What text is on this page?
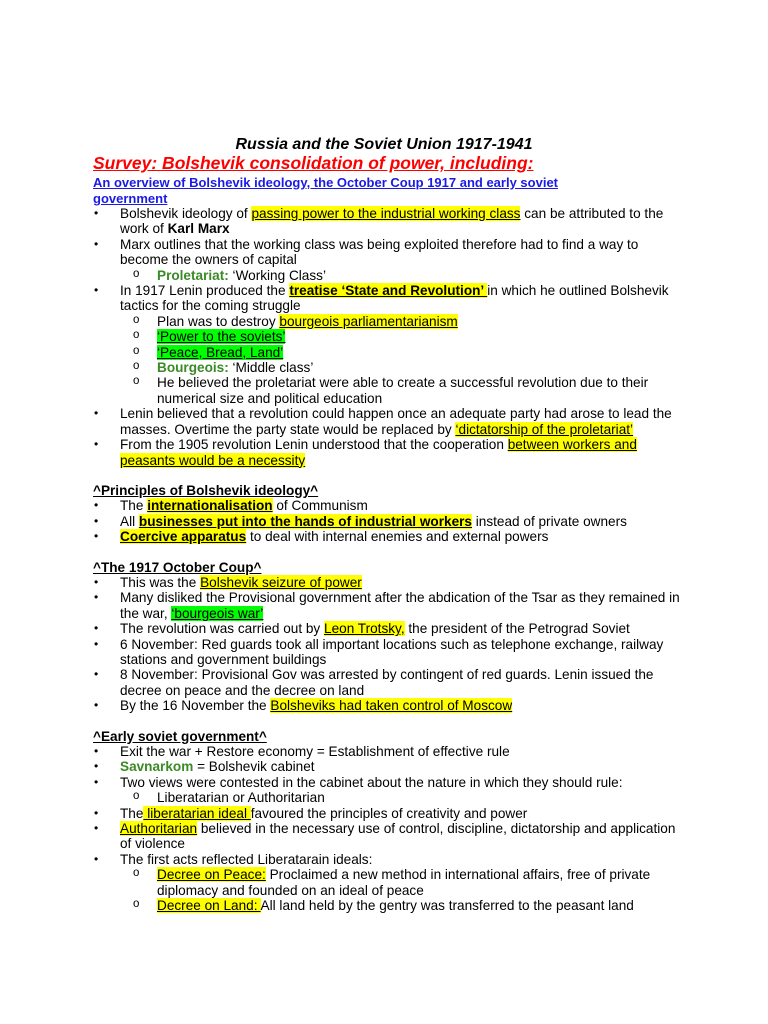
Russia and the Soviet Union 1917-1941
Survey: Bolshevik consolidation of power, including:
An overview of Bolshevik ideology, the October Coup 1917 and early soviet government
• Bolshevik ideology of passing power to the industrial working class can be attributed to the work of Karl Marx
• Marx outlines that the working class was being exploited therefore had to find a way to become the owners of capital
o Proletariat: ‘Working Class’
• In 1917 Lenin produced the treatise ‘State and Revolution’ in which he outlined Bolshevik tactics for the coming struggle
o Plan was to destroy bourgeois parliamentarianism
o ‘Power to the soviets’
o ‘Peace, Bread, Land’
o Bourgeois: ‘Middle class’
o He believed the proletariat were able to create a successful revolution due to their numerical size and political education
• Lenin believed that a revolution could happen once an adequate party had arose to lead the masses. Overtime the party state would be replaced by ‘dictatorship of the proletariat’
• From the 1905 revolution Lenin understood that the cooperation between workers and peasants would be a necessity
^Principles of Bolshevik ideology^
• The internationalisation of Communism
• All businesses put into the hands of industrial workers instead of private owners
• Coercive apparatus to deal with internal enemies and external powers
^The 1917 October Coup^
• This was the Bolshevik seizure of power
• Many disliked the Provisional government after the abdication of the Tsar as they remained in the war, ‘bourgeois war’
• The revolution was carried out by Leon Trotsky, the president of the Petrograd Soviet
• 6 November: Red guards took all important locations such as telephone exchange, railway stations and government buildings
• 8 November: Provisional Gov was arrested by contingent of red guards. Lenin issued the decree on peace and the decree on land
• By the 16 November the Bolsheviks had taken control of Moscow
^Early soviet government^
• Exit the war + Restore economy = Establishment of effective rule
• Savnarkom = Bolshevik cabinet
• Two views were contested in the cabinet about the nature in which they should rule:
o Liberatarian or Authoritarian
• The liberatarian ideal favoured the principles of creativity and power
• Authoritarian believed in the necessary use of control, discipline, dictatorship and application of violence
• The first acts reflected Liberatarain ideals:
o Decree on Peace: Proclaimed a new method in international affairs, free of private diplomacy and founded on an ideal of peace
o Decree on Land: All land held by the gentry was transferred to the peasant land
